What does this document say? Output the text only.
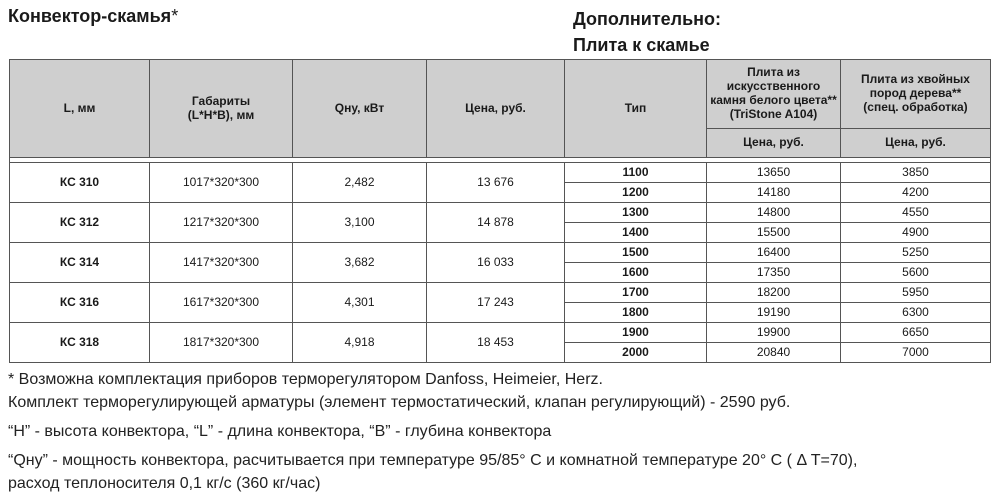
Конвектор-скамья*	Дополнительно:
Плита к скамье
L, мм	Габариты
(L*H*B), мм	Qну, кВт	Цена, руб.	Тип	Плита из искусственного
камня белого цвета**
(TriStone A104)	Плита из хвойных
пород дерева**
(спец. обработка)
					Цена, руб.	Цена, руб.

КС 310	1017*320*300	2,482	13 676	1100	13650	3850
				1200	14180	4200
КС 312	1217*320*300	3,100	14 878	1300	14800	4550
				1400	15500	4900
КС 314	1417*320*300	3,682	16 033	1500	16400	5250
				1600	17350	5600
КС 316	1617*320*300	4,301	17 243	1700	18200	5950
				1800	19190	6300
КС 318	1817*320*300	4,918	18 453	1900	19900	6650
				2000	20840	7000

* Возможна комплектация приборов терморегулятором Danfoss, Heimeier, Herz.

Комплект терморегулирующей арматуры (элемент термостатический, клапан регулирующий) - 2590 руб.

“H” - высота конвектора, “L” - длина конвектора, “B” - глубина конвектора

“Qну” - мощность конвектора, расчитывается при температуре 95/85° С и комнатной температуре 20° С ( Δ T=70),

расход теплоносителя 0,1 кг/с (360 кг/час)
